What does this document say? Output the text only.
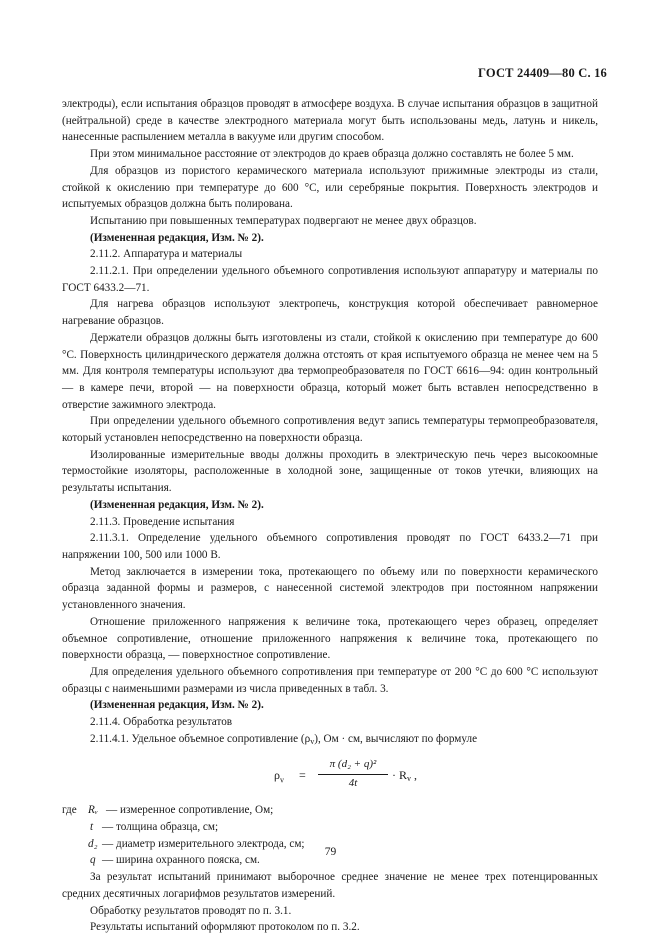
ГОСТ 24409—80 С. 16

электроды), если испытания образцов проводят в атмосфере воздуха. В случае испытания образцов в защитной (нейтральной) среде в качестве электродного материала могут быть использованы медь, латунь и никель, нанесенные распылением металла в вакууме или другим способом.

При этом минимальное расстояние от электродов до краев образца должно составлять не более 5 мм.

Для образцов из пористого керамического материала используют прижимные электроды из стали, стойкой к окислению при температуре до 600 °С, или серебряные покрытия. Поверхность электродов и испытуемых образцов должна быть полирована.

Испытанию при повышенных температурах подвергают не менее двух образцов.

(Измененная редакция, Изм. № 2).

2.11.2. Аппаратура и материалы

2.11.2.1. При определении удельного объемного сопротивления используют аппаратуру и материалы по ГОСТ 6433.2—71.

Для нагрева образцов используют электропечь, конструкция которой обеспечивает равномерное нагревание образцов.

Держатели образцов должны быть изготовлены из стали, стойкой к окислению при температуре до 600 °С. Поверхность цилиндрического держателя должна отстоять от края испытуемого образца не менее чем на 5 мм. Для контроля температуры используют два термопреобразователя по ГОСТ 6616—94: один контрольный — в камере печи, второй — на поверхности образца, который может быть вставлен непосредственно в отверстие зажимного электрода.

При определении удельного объемного сопротивления ведут запись температуры термопреобразователя, который установлен непосредственно на поверхности образца.

Изолированные измерительные вводы должны проходить в электрическую печь через высокоомные термостойкие изоляторы, расположенные в холодной зоне, защищенные от токов утечки, влияющих на результаты испытания.

(Измененная редакция, Изм. № 2).

2.11.3. Проведение испытания

2.11.3.1. Определение удельного объемного сопротивления проводят по ГОСТ 6433.2—71 при напряжении 100, 500 или 1000 В.

Метод заключается в измерении тока, протекающего по объему или по поверхности керамического образца заданной формы и размеров, с нанесенной системой электродов при постоянном напряжении установленного значения.

Отношение приложенного напряжения к величине тока, протекающего через образец, определяет объемное сопротивление, отношение приложенного напряжения к величине тока, протекающего по поверхности образца, — поверхностное сопротивление.

Для определения удельного объемного сопротивления при температуре от 200 °С до 600 °С используют образцы с наименьшими размерами из числа приведенных в табл. 3.

(Измененная редакция, Изм. № 2).

2.11.4. Обработка результатов

2.11.4.1. Удельное объемное сопротивление $(\rho_v)$, Ом · см, вычисляют по формуле

$\rho_v = \frac{\text{π (d₂ + q)²}}{4t} \cdot R_v$ ,
где Rᵥ — измеренное сопротивление, Ом;
t — толщина образца, см;
d₂ — диаметр измерительного электрода, см;
q — ширина охранного пояска, см.

За результат испытаний принимают выборочное среднее значение не менее трех потенцированных средних десятичных логарифмов результатов измерений.

Обработку результатов проводят по п. 3.1.

Результаты испытаний оформляют протоколом по п. 3.2.

79
